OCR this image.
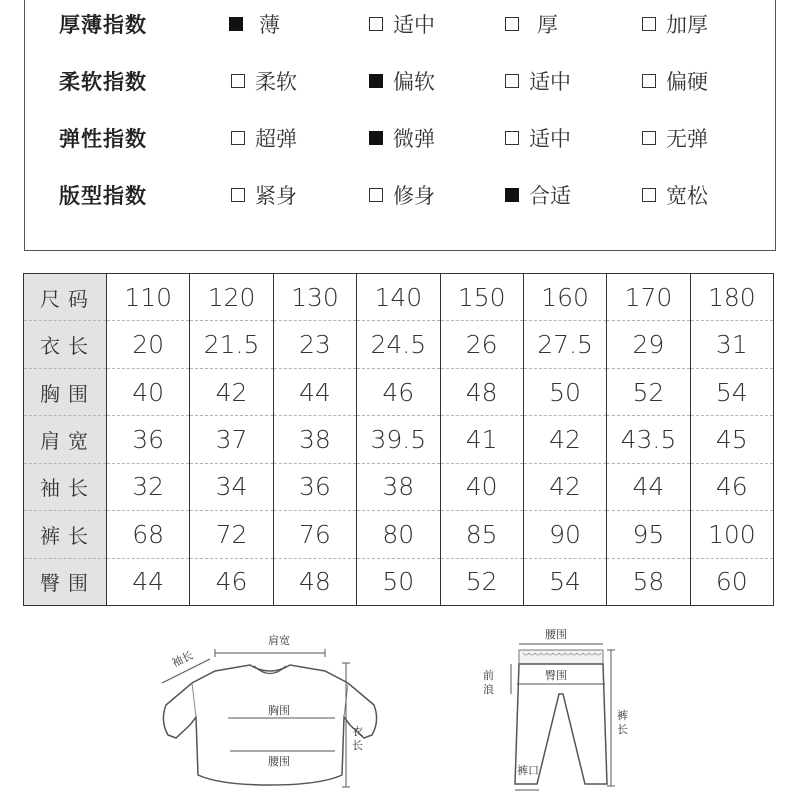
厚薄指数	薄	适中	厚	加厚
柔软指数	柔软	偏软	适中	偏硬
弹性指数	超弹	微弹	适中	无弹
版型指数	紧身	修身	合适	宽松
尺码	110	120	130	140	150	160	170	180
衣长	20	21.5	23	24.5	26	27.5	29	31
胸围	40	42	44	46	48	50	52	54
肩宽	36	37	38	39.5	41	42	43.5	45
袖长	32	34	36	38	40	42	44	46
裤长	68	72	76	80	85	90	95	100
臀围	44	46	48	50	52	54	58	60
肩宽
袖长
胸围
腰围
衣
长
腰围
臀围
前
浪
裤
长
裤口
